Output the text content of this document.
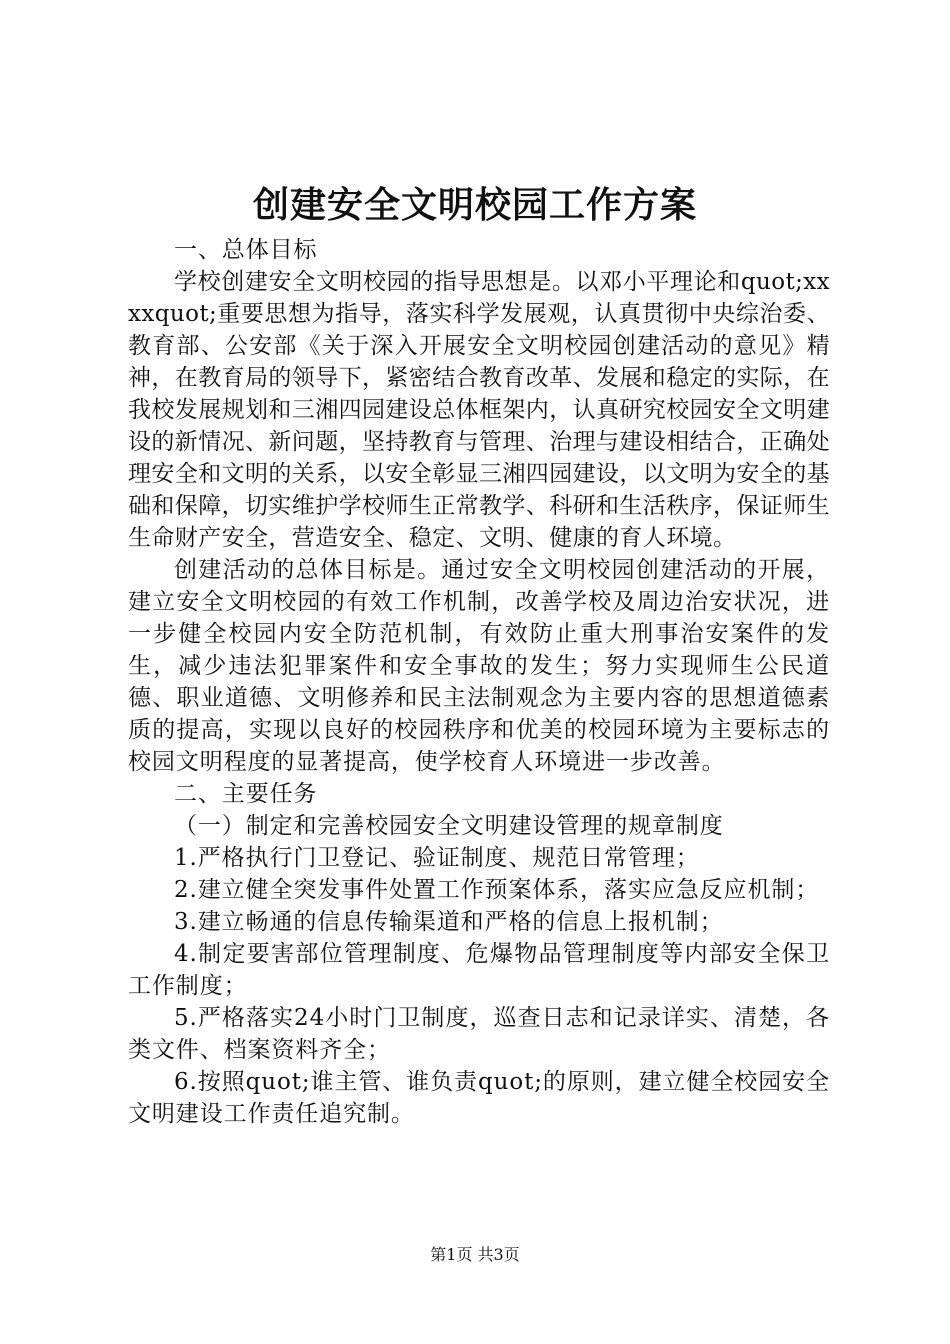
创建安全文明校园工作方案

一、总体目标

学校创建安全文明校园的指导思想是。以邓小平理论和quot;xxxxquot;重要思想为指导，落实科学发展观，认真贯彻中央综治委、教育部、公安部《关于深入开展安全文明校园创建活动的意见》精神，在教育局的领导下，紧密结合教育改革、发展和稳定的实际，在我校发展规划和三湘四园建设总体框架内，认真研究校园安全文明建设的新情况、新问题，坚持教育与管理、治理与建设相结合，正确处理安全和文明的关系，以安全彰显三湘四园建设，以文明为安全的基础和保障，切实维护学校师生正常教学、科研和生活秩序，保证师生生命财产安全，营造安全、稳定、文明、健康的育人环境。

创建活动的总体目标是。通过安全文明校园创建活动的开展，建立安全文明校园的有效工作机制，改善学校及周边治安状况，进一步健全校园内安全防范机制，有效防止重大刑事治安案件的发生，减少违法犯罪案件和安全事故的发生；努力实现师生公民道德、职业道德、文明修养和民主法制观念为主要内容的思想道德素质的提高，实现以良好的校园秩序和优美的校园环境为主要标志的校园文明程度的显著提高，使学校育人环境进一步改善。

二、主要任务

（一）制定和完善校园安全文明建设管理的规章制度

1.严格执行门卫登记、验证制度、规范日常管理；

2.建立健全突发事件处置工作预案体系，落实应急反应机制；

3.建立畅通的信息传输渠道和严格的信息上报机制；

4.制定要害部位管理制度、危爆物品管理制度等内部安全保卫工作制度；

5.严格落实24小时门卫制度，巡查日志和记录详实、清楚，各类文件、档案资料齐全；

6.按照quot;谁主管、谁负责quot;的原则，建立健全校园安全文明建设工作责任追究制。

第1页 共3页
